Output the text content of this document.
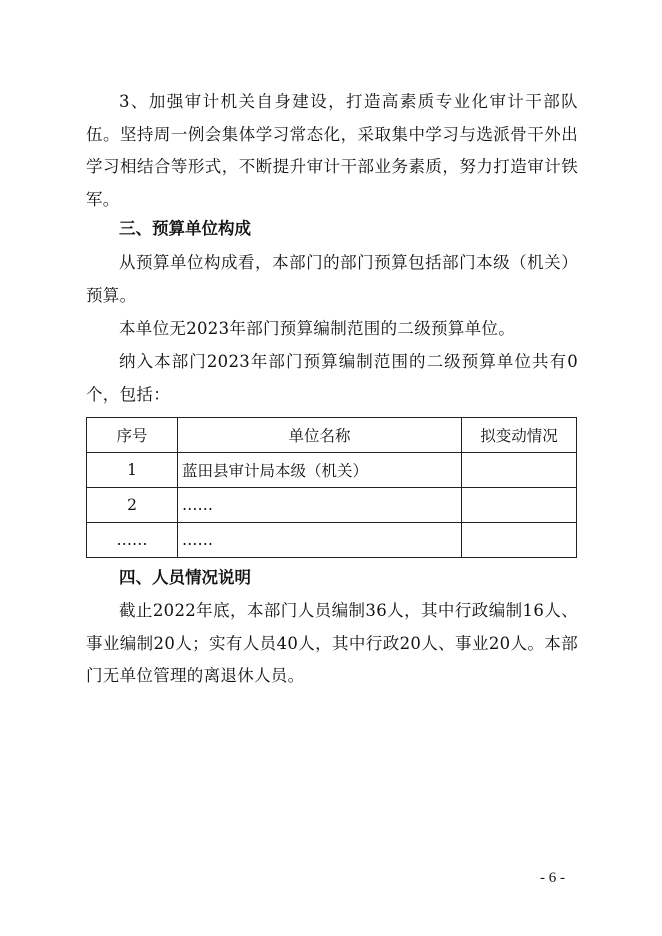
3、加强审计机关自身建设，打造高素质专业化审计干部队伍。坚持周一例会集体学习常态化，采取集中学习与选派骨干外出学习相结合等形式，不断提升审计干部业务素质，努力打造审计铁军。

三、预算单位构成

从预算单位构成看，本部门的部门预算包括部门本级（机关）预算。

本单位无2023年部门预算编制范围的二级预算单位。

纳入本部门2023年部门预算编制范围的二级预算单位共有0个，包括：

序号	单位名称	拟变动情况
1	蓝田县审计局本级（机关）	
2	……	
……	……	
四、人员情况说明

截止2022年底，本部门人员编制36人，其中行政编制16人、事业编制20人；实有人员40人，其中行政20人、事业20人。本部门无单位管理的离退休人员。

- 6 -
